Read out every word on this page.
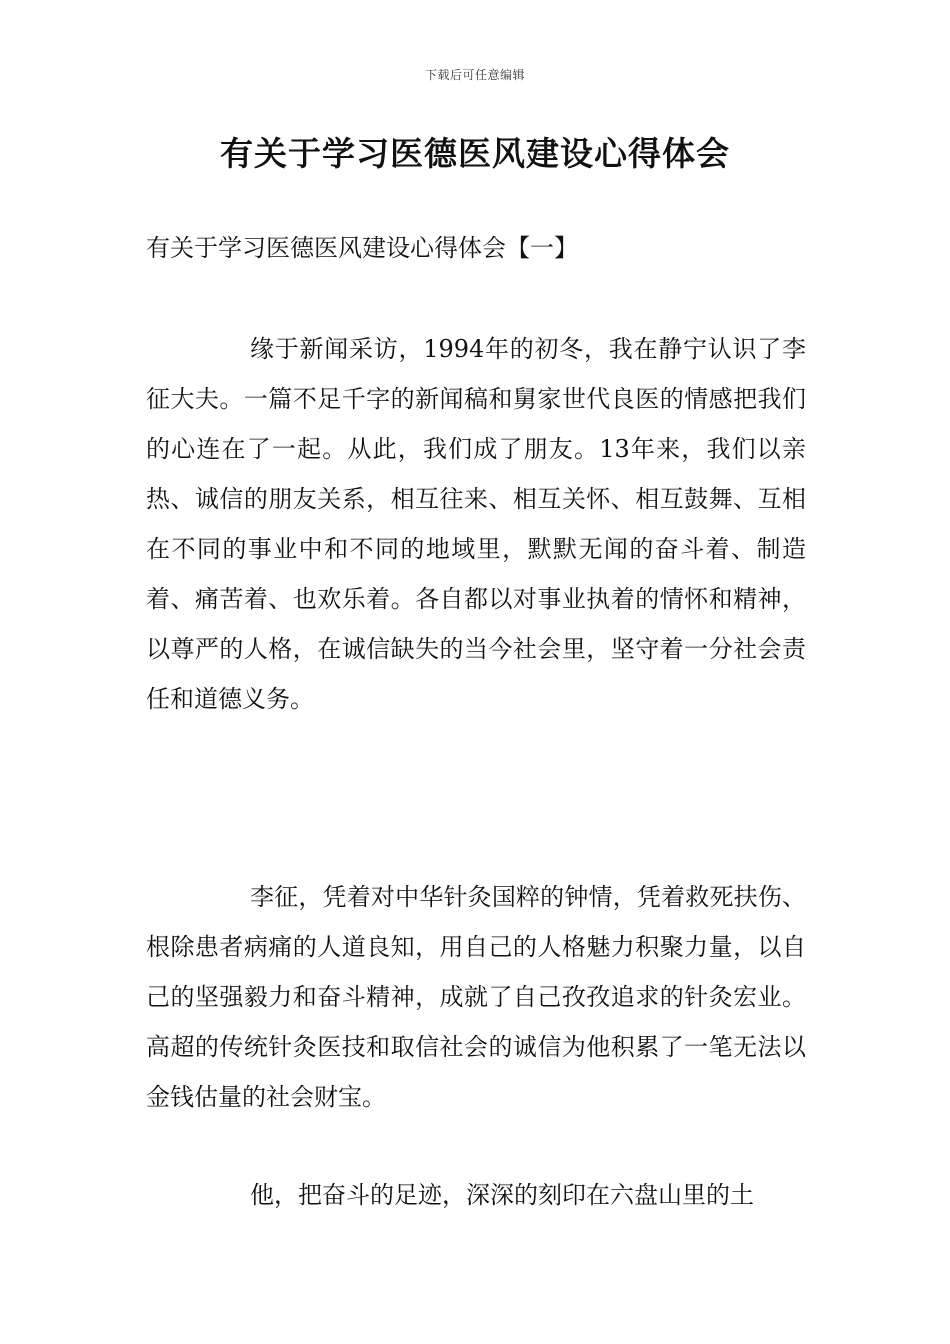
下载后可任意编辑
有关于学习医德医风建设心得体会
有关于学习医德医风建设心得体会【一】

缘于新闻采访，1994年的初冬，我在静宁认识了李征大夫。一篇不足千字的新闻稿和舅家世代良医的情感把我们的心连在了一起。从此，我们成了朋友。13年来，我们以亲热、诚信的朋友关系，相互往来、相互关怀、相互鼓舞、互相在不同的事业中和不同的地域里，默默无闻的奋斗着、制造着、痛苦着、也欢乐着。各自都以对事业执着的情怀和精神，以尊严的人格，在诚信缺失的当今社会里，坚守着一分社会责任和道德义务。

李征，凭着对中华针灸国粹的钟情，凭着救死扶伤、根除患者病痛的人道良知，用自己的人格魅力积聚力量，以自己的坚强毅力和奋斗精神，成就了自己孜孜追求的针灸宏业。高超的传统针灸医技和取信社会的诚信为他积累了一笔无法以金钱估量的社会财宝。

他，把奋斗的足迹，深深的刻印在六盘山里的土
